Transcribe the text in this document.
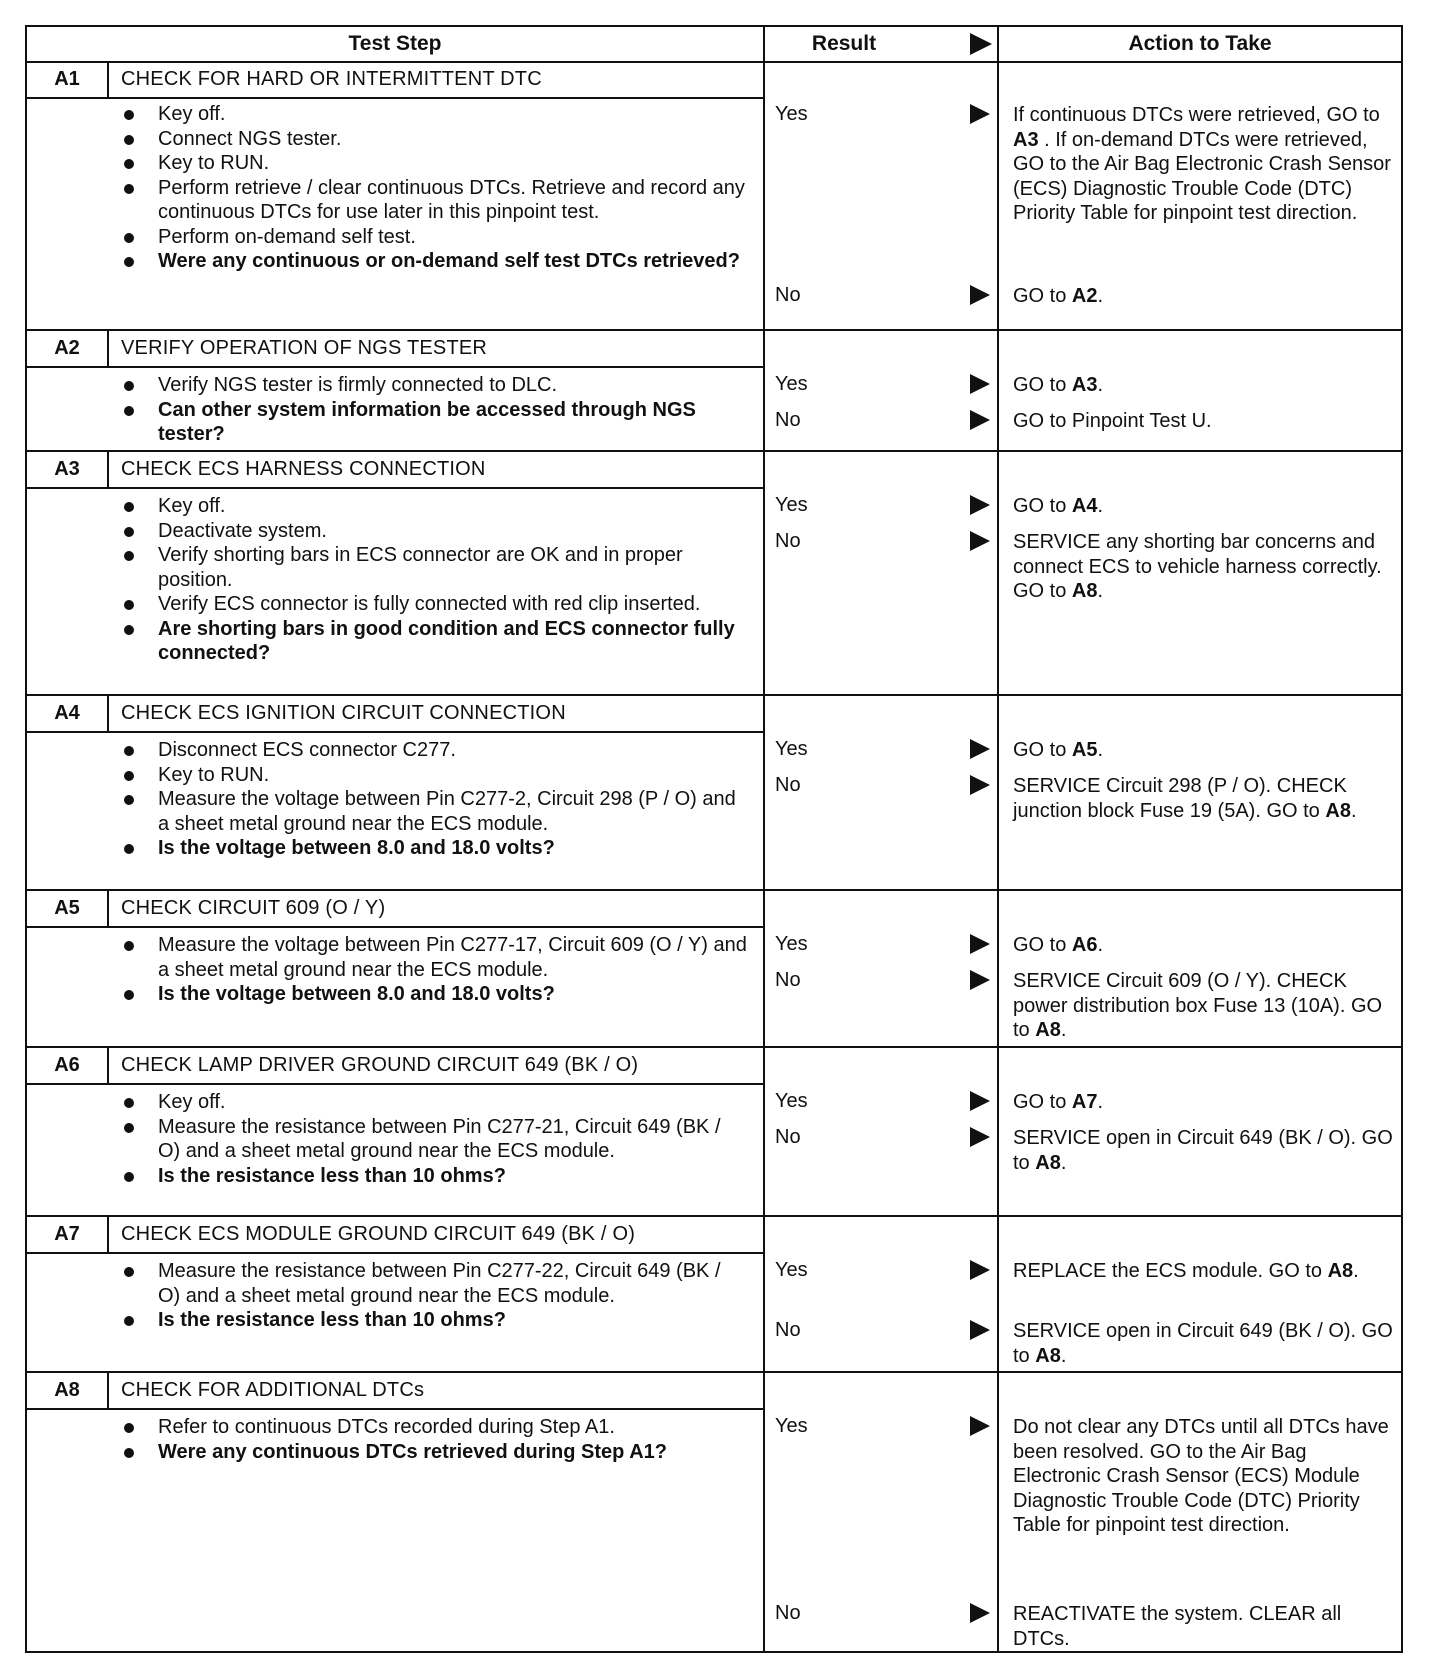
Test Step	Result	Action to Take
A1	CHECK FOR HARD OR INTERMITTENT DTC
Key off.
Connect NGS tester.
Key to RUN.
Perform retrieve / clear continuous DTCs. Retrieve and record any continuous DTCs for use later in this pinpoint test.
Perform on-demand self test.
Were any continuous or on-demand self test DTCs retrieved?
Yes	If continuous DTCs were retrieved, GO to A3 . If on-demand DTCs were retrieved, GO to the Air Bag Electronic Crash Sensor (ECS) Diagnostic Trouble Code (DTC) Priority Table for pinpoint test direction.
No	GO to A2.
A2	VERIFY OPERATION OF NGS TESTER
Verify NGS tester is firmly connected to DLC.
Can other system information be accessed through NGS tester?
Yes	GO to A3.
No	GO to Pinpoint Test U.
A3	CHECK ECS HARNESS CONNECTION
Key off.
Deactivate system.
Verify shorting bars in ECS connector are OK and in proper position.
Verify ECS connector is fully connected with red clip inserted.
Are shorting bars in good condition and ECS connector fully connected?
Yes	GO to A4.
No	SERVICE any shorting bar concerns and connect ECS to vehicle harness correctly. GO to A8.
A4	CHECK ECS IGNITION CIRCUIT CONNECTION
Disconnect ECS connector C277.
Key to RUN.
Measure the voltage between Pin C277-2, Circuit 298 (P / O) and a sheet metal ground near the ECS module.
Is the voltage between 8.0 and 18.0 volts?
Yes	GO to A5.
No	SERVICE Circuit 298 (P / O). CHECK junction block Fuse 19 (5A). GO to A8.
A5	CHECK CIRCUIT 609 (O / Y)
Measure the voltage between Pin C277-17, Circuit 609 (O / Y) and a sheet metal ground near the ECS module.
Is the voltage between 8.0 and 18.0 volts?
Yes	GO to A6.
No	SERVICE Circuit 609 (O / Y). CHECK power distribution box Fuse 13 (10A). GO to A8.
A6	CHECK LAMP DRIVER GROUND CIRCUIT 649 (BK / O)
Key off.
Measure the resistance between Pin C277-21, Circuit 649 (BK / O) and a sheet metal ground near the ECS module.
Is the resistance less than 10 ohms?
Yes	GO to A7.
No	SERVICE open in Circuit 649 (BK / O). GO to A8.
A7	CHECK ECS MODULE GROUND CIRCUIT 649 (BK / O)
Measure the resistance between Pin C277-22, Circuit 649 (BK / O) and a sheet metal ground near the ECS module.
Is the resistance less than 10 ohms?
Yes	REPLACE the ECS module. GO to A8.
No	SERVICE open in Circuit 649 (BK / O). GO to A8.
A8	CHECK FOR ADDITIONAL DTCs
Refer to continuous DTCs recorded during Step A1.
Were any continuous DTCs retrieved during Step A1?
Yes	Do not clear any DTCs until all DTCs have been resolved. GO to the Air Bag Electronic Crash Sensor (ECS) Module Diagnostic Trouble Code (DTC) Priority Table for pinpoint test direction.
No	REACTIVATE the system. CLEAR all DTCs.
